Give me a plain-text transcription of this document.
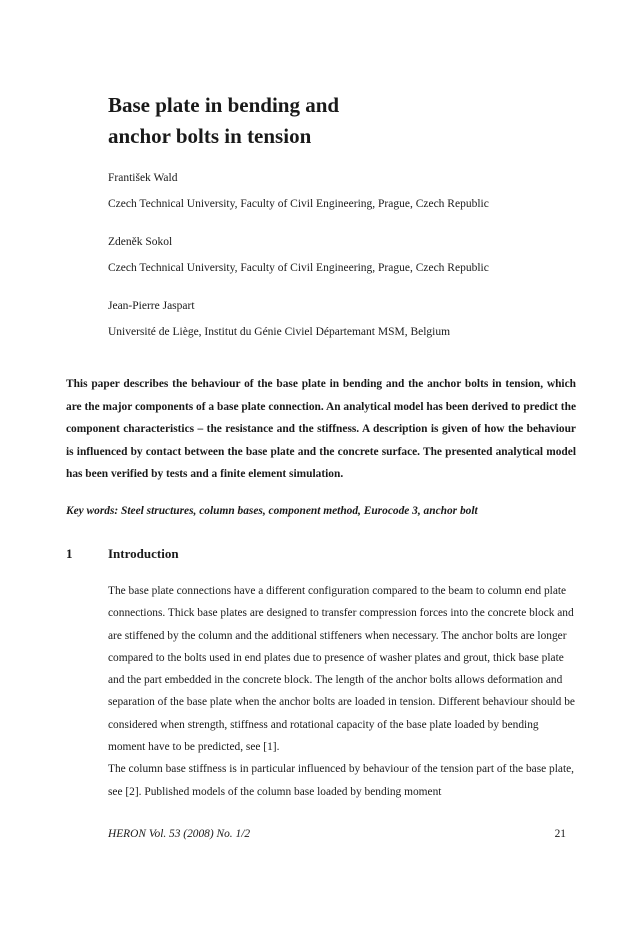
Base plate in bending and
anchor bolts in tension
František Wald
Czech Technical University, Faculty of Civil Engineering, Prague, Czech Republic
Zdeněk Sokol
Czech Technical University, Faculty of Civil Engineering, Prague, Czech Republic
Jean-Pierre Jaspart
Université de Liège, Institut du Génie Civiel Départemant MSM, Belgium

This paper describes the behaviour of the base plate in bending and the anchor bolts in tension, which are the major components of a base plate connection. An analytical model has been derived to predict the component characteristics – the resistance and the stiffness. A description is given of how the behaviour is influenced by contact between the base plate and the concrete surface. The presented analytical model has been verified by tests and a finite element simulation.

Key words: Steel structures, column bases, component method, Eurocode 3, anchor bolt

1	Introduction

The base plate connections have a different configuration compared to the beam to column end plate connections. Thick base plates are designed to transfer compression forces into the concrete block and are stiffened by the column and the additional stiffeners when necessary. The anchor bolts are longer compared to the bolts used in end plates due to presence of washer plates and grout, thick base plate and the part embedded in the concrete block. The length of the anchor bolts allows deformation and separation of the base plate when the anchor bolts are loaded in tension. Different behaviour should be considered when strength, stiffness and rotational capacity of the base plate loaded by bending moment have to be predicted, see [1].

The column base stiffness is in particular influenced by behaviour of the tension part of the base plate, see [2]. Published models of the column base loaded by bending moment

HERON Vol. 53 (2008) No. 1/2	21
